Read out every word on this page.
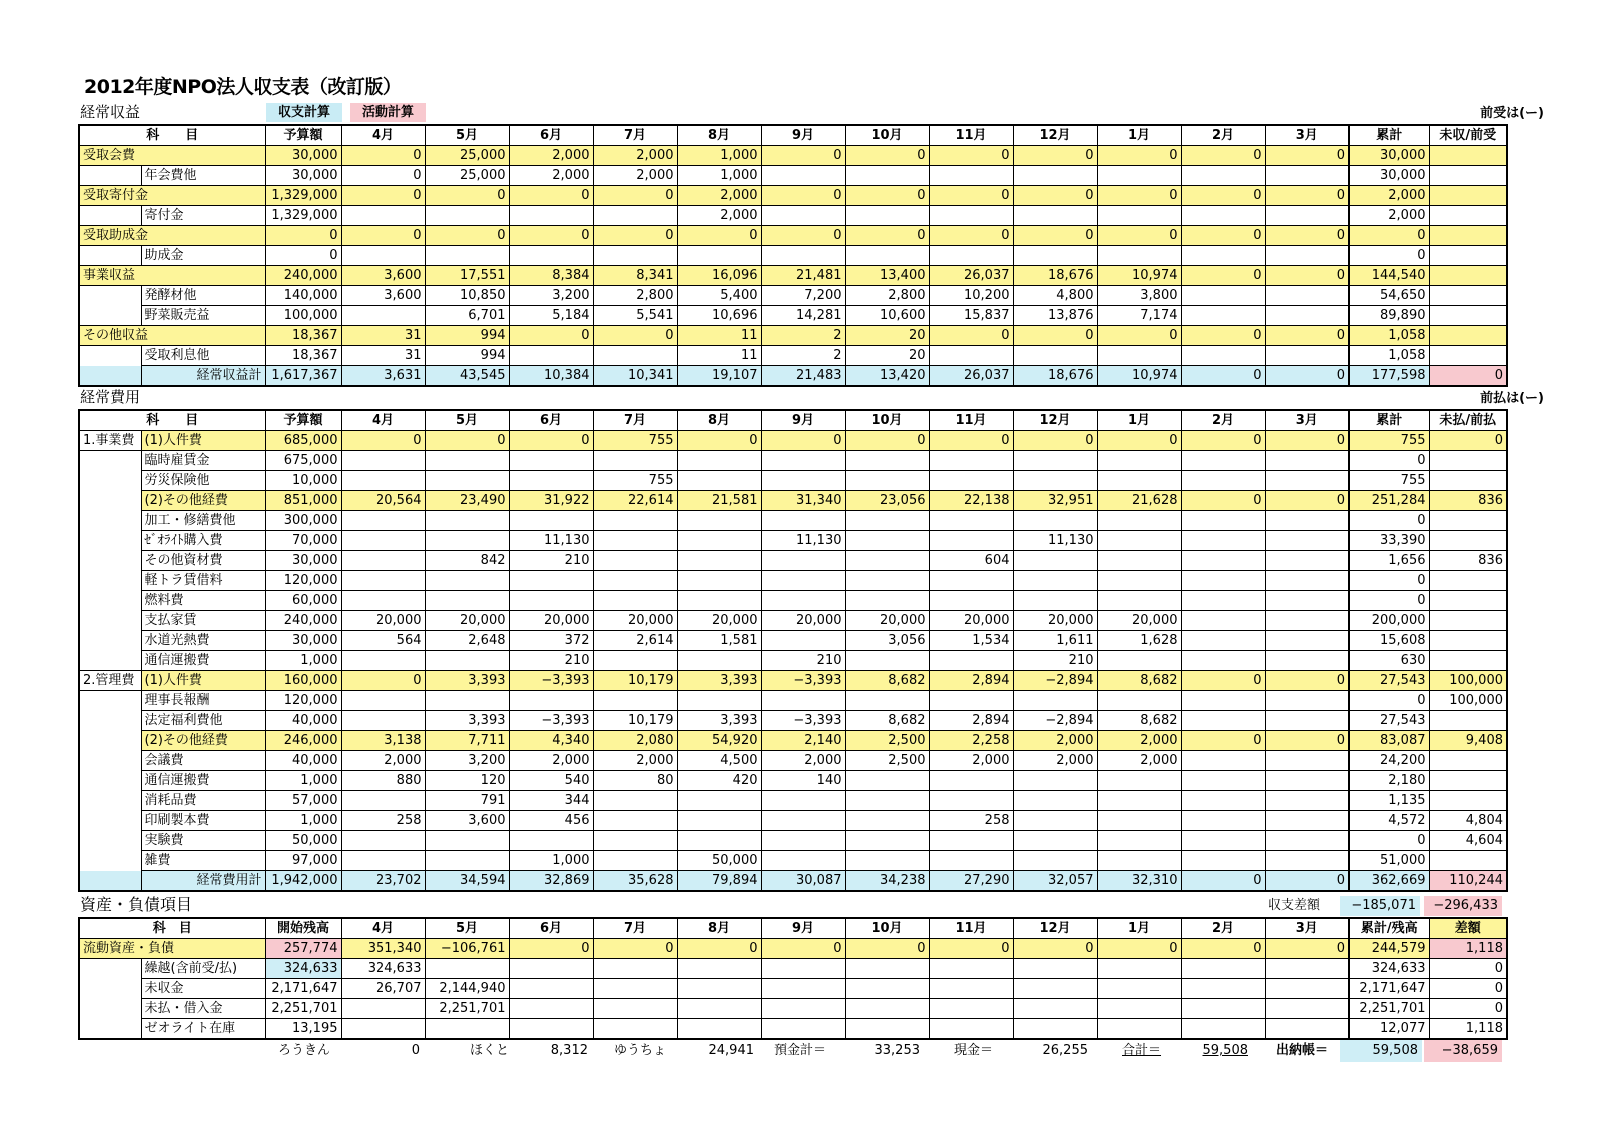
2012年度NPO法人収支表（改訂版）
経常収益	収支計算	活動計算	前受は(ー)
科　　目		予算額	4月	5月	6月	7月	8月	9月	10月	11月	12月	1月	2月	3月	累計	未収/前受
受取会費		30,000	0	25,000	2,000	2,000	1,000	0	0	0	0	0	0	0	30,000	
	年会費他	30,000	0	25,000	2,000	2,000	1,000								30,000	
受取寄付金		1,329,000	0	0	0	0	2,000	0	0	0	0	0	0	0	2,000	
	寄付金	1,329,000					2,000								2,000	
受取助成金		0	0	0	0	0	0	0	0	0	0	0	0	0	0	
	助成金	0													0	
事業収益		240,000	3,600	17,551	8,384	8,341	16,096	21,481	13,400	26,037	18,676	10,974	0	0	144,540	
	発酵材他	140,000	3,600	10,850	3,200	2,800	5,400	7,200	2,800	10,200	4,800	3,800			54,650	
	野菜販売益	100,000		6,701	5,184	5,541	10,696	14,281	10,600	15,837	13,876	7,174			89,890	
その他収益		18,367	31	994	0	0	11	2	20	0	0	0	0	0	1,058	
	受取利息他	18,367	31	994			11	2	20						1,058	
	経常収益計	1,617,367	3,631	43,545	10,384	10,341	19,107	21,483	13,420	26,037	18,676	10,974	0	0	177,598	0
経常費用	前払は(ー)
科　　目		予算額	4月	5月	6月	7月	8月	9月	10月	11月	12月	1月	2月	3月	累計	未払/前払
1.事業費	(1)人件費	685,000	0	0	0	755	0	0	0	0	0	0	0	0	755	0
	臨時雇賃金	675,000													0	
	労災保険他	10,000				755									755	
	(2)その他経費	851,000	20,564	23,490	31,922	22,614	21,581	31,340	23,056	22,138	32,951	21,628	0	0	251,284	836
	加工・修繕費他	300,000													0	
	ｾﾞｵﾗｲﾄ購入費	70,000			11,130			11,130			11,130				33,390	
	その他資材費	30,000		842	210					604					1,656	836
	軽トラ賃借料	120,000													0	
	燃料費	60,000													0	
	支払家賃	240,000	20,000	20,000	20,000	20,000	20,000	20,000	20,000	20,000	20,000	20,000			200,000	
	水道光熱費	30,000	564	2,648	372	2,614	1,581		3,056	1,534	1,611	1,628			15,608	
	通信運搬費	1,000			210			210			210				630	
2.管理費	(1)人件費	160,000	0	3,393	−3,393	10,179	3,393	−3,393	8,682	2,894	−2,894	8,682	0	0	27,543	100,000
	理事長報酬	120,000													0	100,000
	法定福利費他	40,000		3,393	−3,393	10,179	3,393	−3,393	8,682	2,894	−2,894	8,682			27,543	
	(2)その他経費	246,000	3,138	7,711	4,340	2,080	54,920	2,140	2,500	2,258	2,000	2,000	0	0	83,087	9,408
	会議費	40,000	2,000	3,200	2,000	2,000	4,500	2,000	2,500	2,000	2,000	2,000			24,200	
	通信運搬費	1,000	880	120	540	80	420	140							2,180	
	消耗品費	57,000		791	344										1,135	
	印刷製本費	1,000	258	3,600	456					258					4,572	4,804
	実験費	50,000													0	4,604
	雑費	97,000			1,000		50,000								51,000	
	経常費用計	1,942,000	23,702	34,594	32,869	35,628	79,894	30,087	34,238	27,290	32,057	32,310	0	0	362,669	110,244
資産・負債項目	収支差額	−185,071	−296,433
科　目		開始残高	4月	5月	6月	7月	8月	9月	10月	11月	12月	1月	2月	3月	累計/残高	差額
流動資産・負債		257,774	351,340	−106,761	0	0	0	0	0	0	0	0	0	0	244,579	1,118
	繰越(含前受/払)	324,633	324,633												324,633	0
	未収金	2,171,647	26,707	2,144,940											2,171,647	0
	未払・借入金	2,251,701		2,251,701											2,251,701	0
	ゼオライト在庫	13,195													12,077	1,118
ろうきん	0	ほくと	8,312 ゆうちょ	24,941 預金計＝	33,253	現金＝	26,255	合計＝	59,508 出納帳＝	59,508	−38,659
